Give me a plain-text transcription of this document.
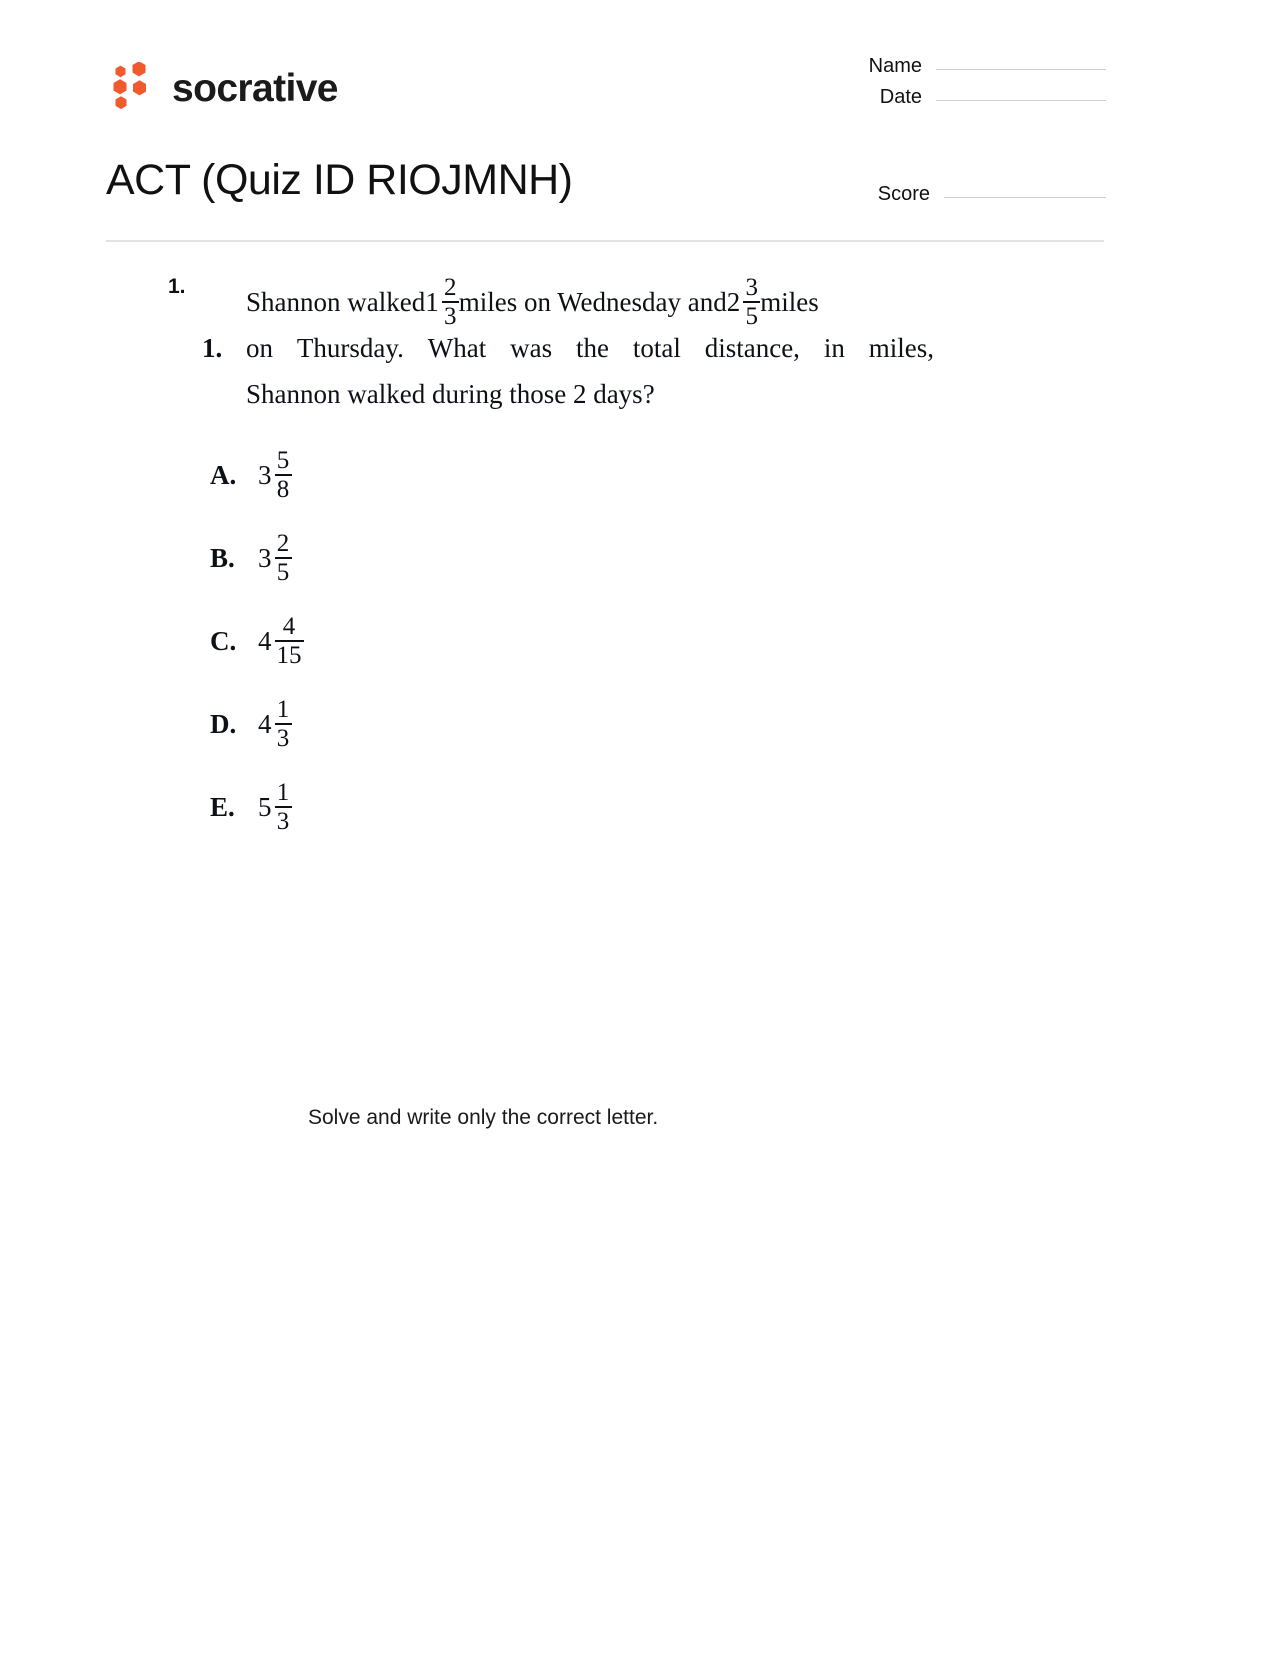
socrative
Name
Date
Score
ACT (Quiz ID RIOJMNH)
1.
1.
Shannon walked $1 \frac{2}{3}$ miles on Wednesday and $2 \frac{3}{5}$ miles
on Thursday. What was the total distance, in miles,
Shannon walked during those 2 days?
A. $3 \frac{5}{8}$
B. $3 \frac{2}{5}$
C. $4 \frac{4}{15}$
D. $4 \frac{1}{3}$
E. $5 \frac{1}{3}$
Solve and write only the correct letter.
